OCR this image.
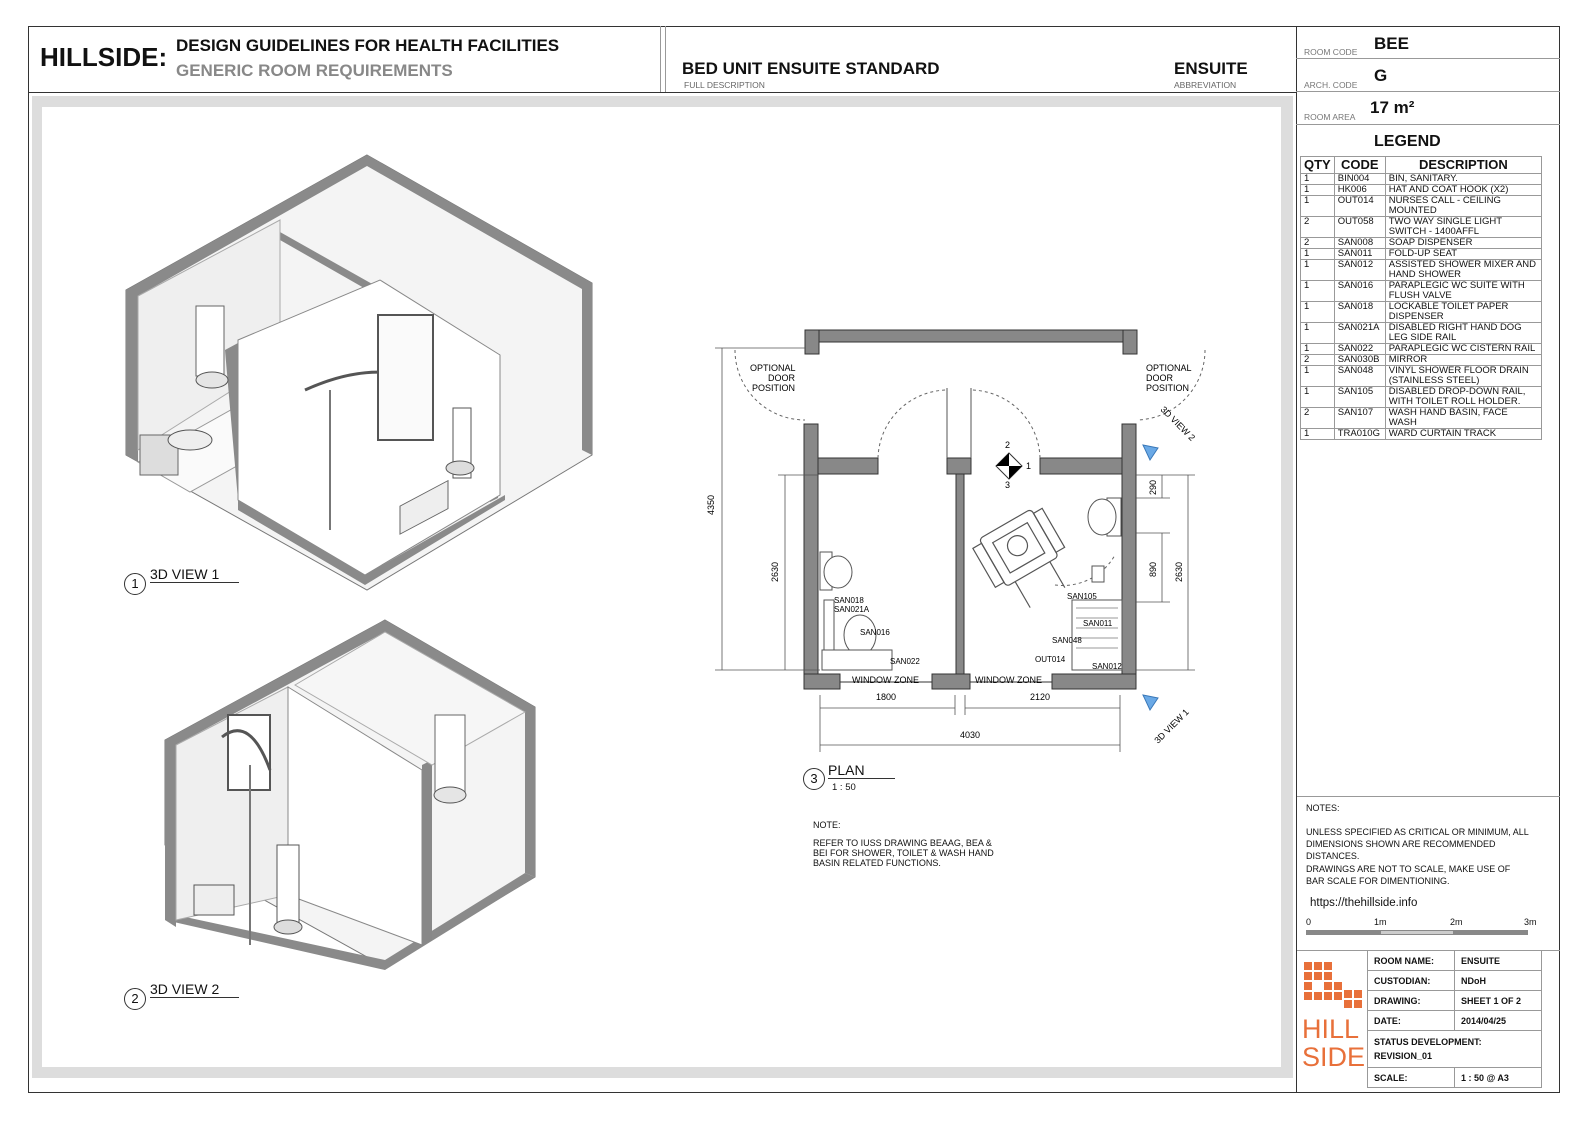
HILLSIDE: DESIGN GUIDELINES FOR HEALTH FACILITIES
GENERIC ROOM REQUIREMENTS	BED UNIT ENSUITE STANDARD
FULL DESCRIPTION
ENSUITE
ABBREVIATION
ROOM CODE BEE
ARCH. CODE G
ROOM AREA 17 m²
LEGEND
QTY	CODE	DESCRIPTION
1	BIN004	BIN, SANITARY.
1	HK006	HAT AND COAT HOOK (X2)
1	OUT014	NURSES CALL - CEILING MOUNTED
2	OUT058	TWO WAY SINGLE LIGHT SWITCH - 1400AFFL
2	SAN008	SOAP DISPENSER
1	SAN011	FOLD-UP SEAT
1	SAN012	ASSISTED SHOWER MIXER AND HAND SHOWER
1	SAN016	PARAPLEGIC WC SUITE WITH FLUSH VALVE
1	SAN018	LOCKABLE TOILET PAPER DISPENSER
1	SAN021A	DISABLED RIGHT HAND DOG LEG SIDE RAIL
1	SAN022	PARAPLEGIC WC CISTERN RAIL
2	SAN030B	MIRROR
1	SAN048	VINYL SHOWER FLOOR DRAIN (STAINLESS STEEL)
1	SAN105	DISABLED DROP-DOWN RAIL, WITH TOILET ROLL HOLDER.
2	SAN107	WASH HAND BASIN, FACE WASH
1	TRA010G	WARD CURTAIN TRACK
NOTES:
UNLESS SPECIFIED AS CRITICAL OR MINIMUM, ALL DIMENSIONS SHOWN ARE RECOMMENDED DISTANCES.
DRAWINGS ARE NOT TO SCALE, MAKE USE OF BAR SCALE FOR DIMENTIONING.
https://thehillside.info
0	1m	2m	3m
HILL
SIDE
ROOM NAME:	ENSUITE
CUSTODIAN:	NDoH
DRAWING:	SHEET 1 OF 2
DATE:	2014/04/25

STATUS DEVELOPMENT:
REVISION_01	

SCALE:	1 : 50 @ A3
1
3D VIEW 1
2
3D VIEW 2
2
1
3
OPTIONAL DOOR POSITION
OPTIONAL DOOR POSITION
WINDOW ZONE	WINDOW ZONE
SAN018
SAN021A
SAN016
SAN022
SAN105
SAN011
SAN048
OUT014
SAN012
4350
2630
1800	2120
4030
290
890 2630
3D VIEW 2
3D VIEW 1
3
PLAN
1 : 50
NOTE:
REFER TO IUSS DRAWING BEAAG, BEA & BEI FOR SHOWER, TOILET & WASH HAND BASIN RELATED FUNCTIONS.
